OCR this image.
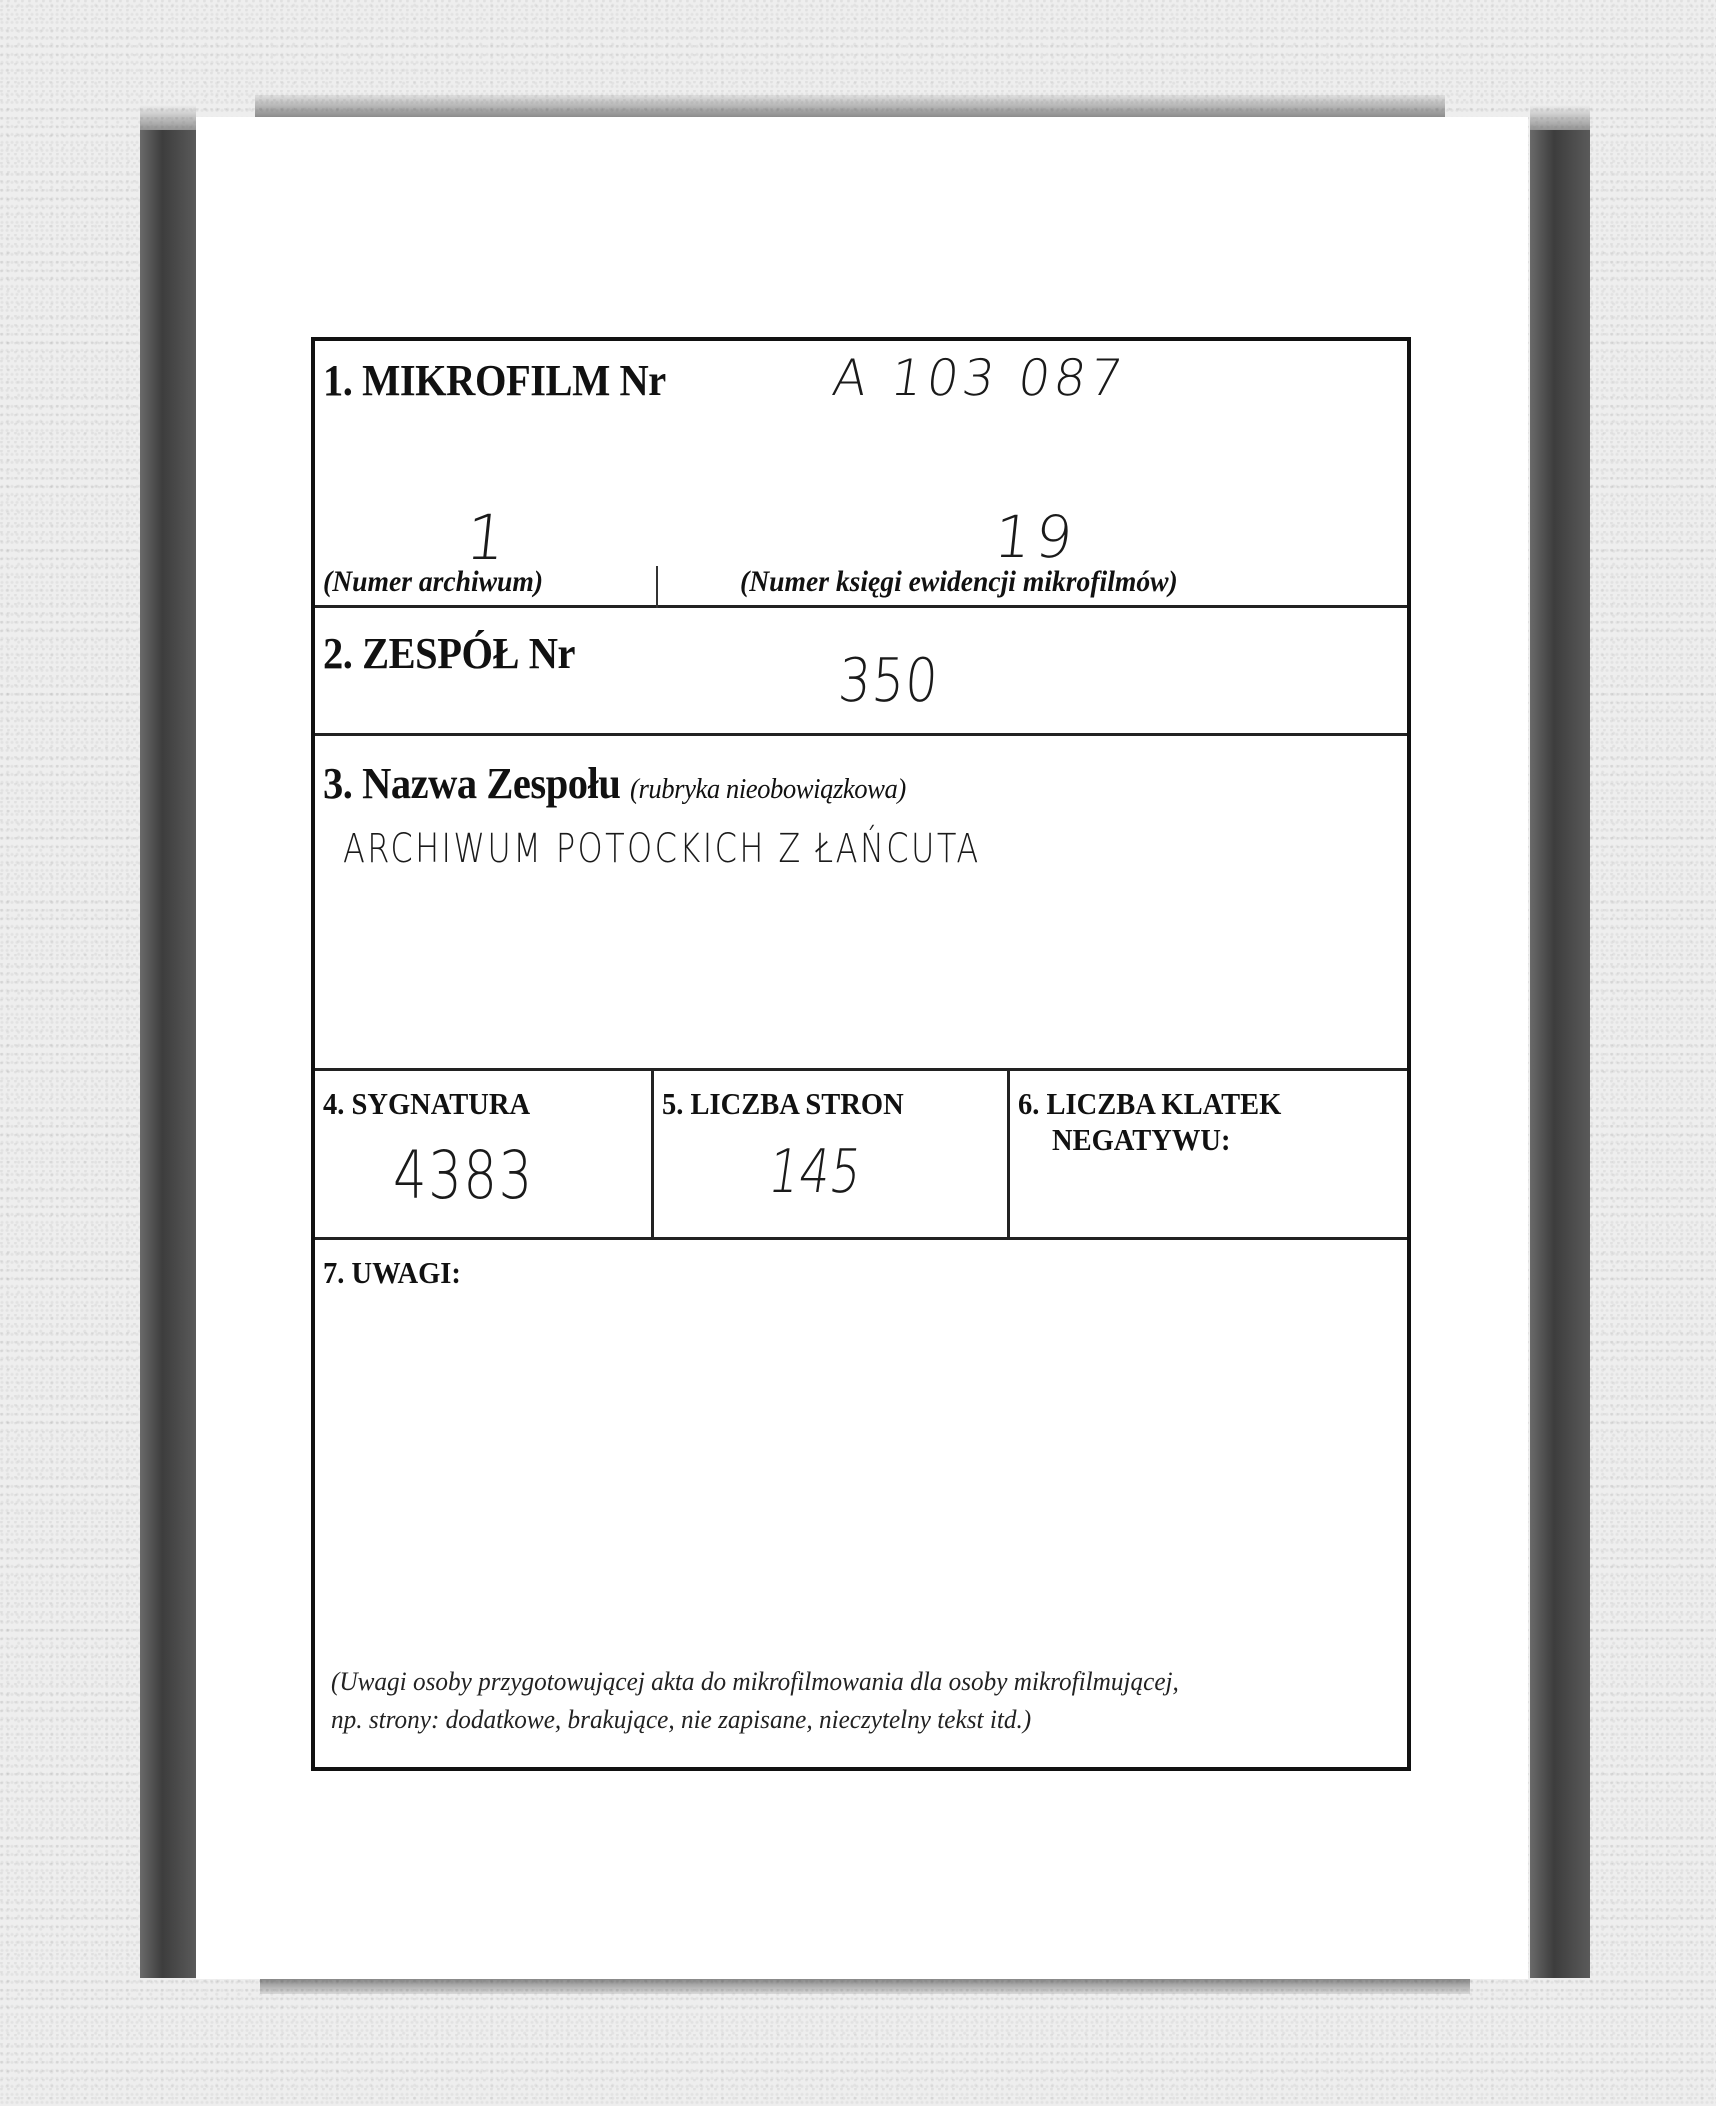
1. MIKROFILM Nr	A 103 087
1	19
(Numer archiwum)	(Numer księgi ewidencji mikrofilmów)
2. ZESPÓŁ Nr	350
3. Nazwa Zespołu (rubryka nieobowiązkowa)
ARCHIWUM POTOCKICH Z ŁAŃCUTA
4. SYGNATURA
4383
5. LICZBA STRON
145
6. LICZBA KLATEK
NEGATYWU:
7. UWAGI:
(Uwagi osoby przygotowującej akta do mikrofilmowania dla osoby mikrofilmującej,
np. strony: dodatkowe, brakujące, nie zapisane, nieczytelny tekst itd.)
